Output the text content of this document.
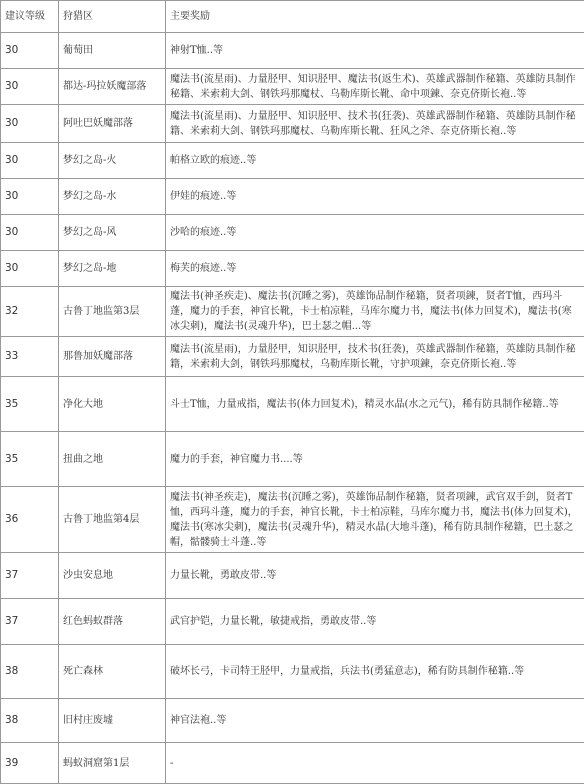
建议等级	狩猎区	主要奖励
30	葡萄田	神射T恤..等
30	都达-玛拉妖魔部落	魔法书(流星雨)、力量胫甲、知识胫甲、魔法书(返生术)、英雄武器制作秘籍、英雄防具制作秘籍、米索莉大剑、钢铁玛那魔杖、乌勒库斯长靴、命中项鍊、奈克侪斯长袍..等
30	阿吐巴妖魔部落	魔法书(流星雨)、力量胫甲、知识胫甲、技术书(狂袭)、英雄武器制作秘籍、英雄防具制作秘籍、米索莉大剑、钢铁玛那魔杖、乌勒库斯长靴、狂风之斧、奈克侪斯长袍..等
30	梦幻之岛-火	帕格立欧的痕迹..等
30	梦幻之岛-水	伊娃的痕迹..等
30	梦幻之岛-风	沙哈的痕迹..等
30	梦幻之岛-地	梅芙的痕迹..等
32	古鲁丁地监第3层	魔法书(神圣疾走)、魔法书(沉睡之雾)，英雄饰品制作秘籍，贤者项鍊，贤者T恤，西玛斗蓬，魔力的手套，神官长靴，卡士柏凉鞋，马库尔魔力书，魔法书(体力回复术)，魔法书(寒冰尖刺)，魔法书(灵魂升华)，巴土瑟之帽...等
33	那鲁加妖魔部落	魔法书(流星雨)，力量胫甲，知识胫甲，技术书(狂袭)，英雄武器制作秘籍，英雄防具制作秘籍，米索莉大剑，钢铁玛那魔杖，乌勒库斯长靴，守护项鍊，奈克侪斯长袍..等
35	净化大地	斗士T恤，力量戒指，魔法书(体力回复术)，精灵水晶(水之元气)，稀有防具制作秘籍..等
35	扭曲之地	魔力的手套，神官魔力书....等
36	古鲁丁地监第4层	魔法书(神圣疾走)，魔法书(沉睡之雾)，英雄饰品制作秘籍，贤者项鍊，武官双手剑，贤者T恤，西玛斗蓬，魔力的手套，神官长靴，卡士柏凉鞋，马库尔魔力书，魔法书(体力回复术)，魔法书(寒冰尖刺)，魔法书(灵魂升华)，精灵水晶(大地斗蓬)，稀有防具制作秘籍，巴土瑟之帽，骷髅骑士斗蓬..等
37	沙虫安息地	力量长靴，勇敢皮带..等
37	红色蚂蚁群落	武官护铠，力量长靴，敏捷戒指，勇敢皮带..等
38	死亡森林	破坏长弓，卡司特王胫甲，力量戒指，兵法书(勇猛意志)，稀有防具制作秘籍..等
38	旧村庄废墟	神官法袍..等
39	蚂蚁洞窟第1层	-
